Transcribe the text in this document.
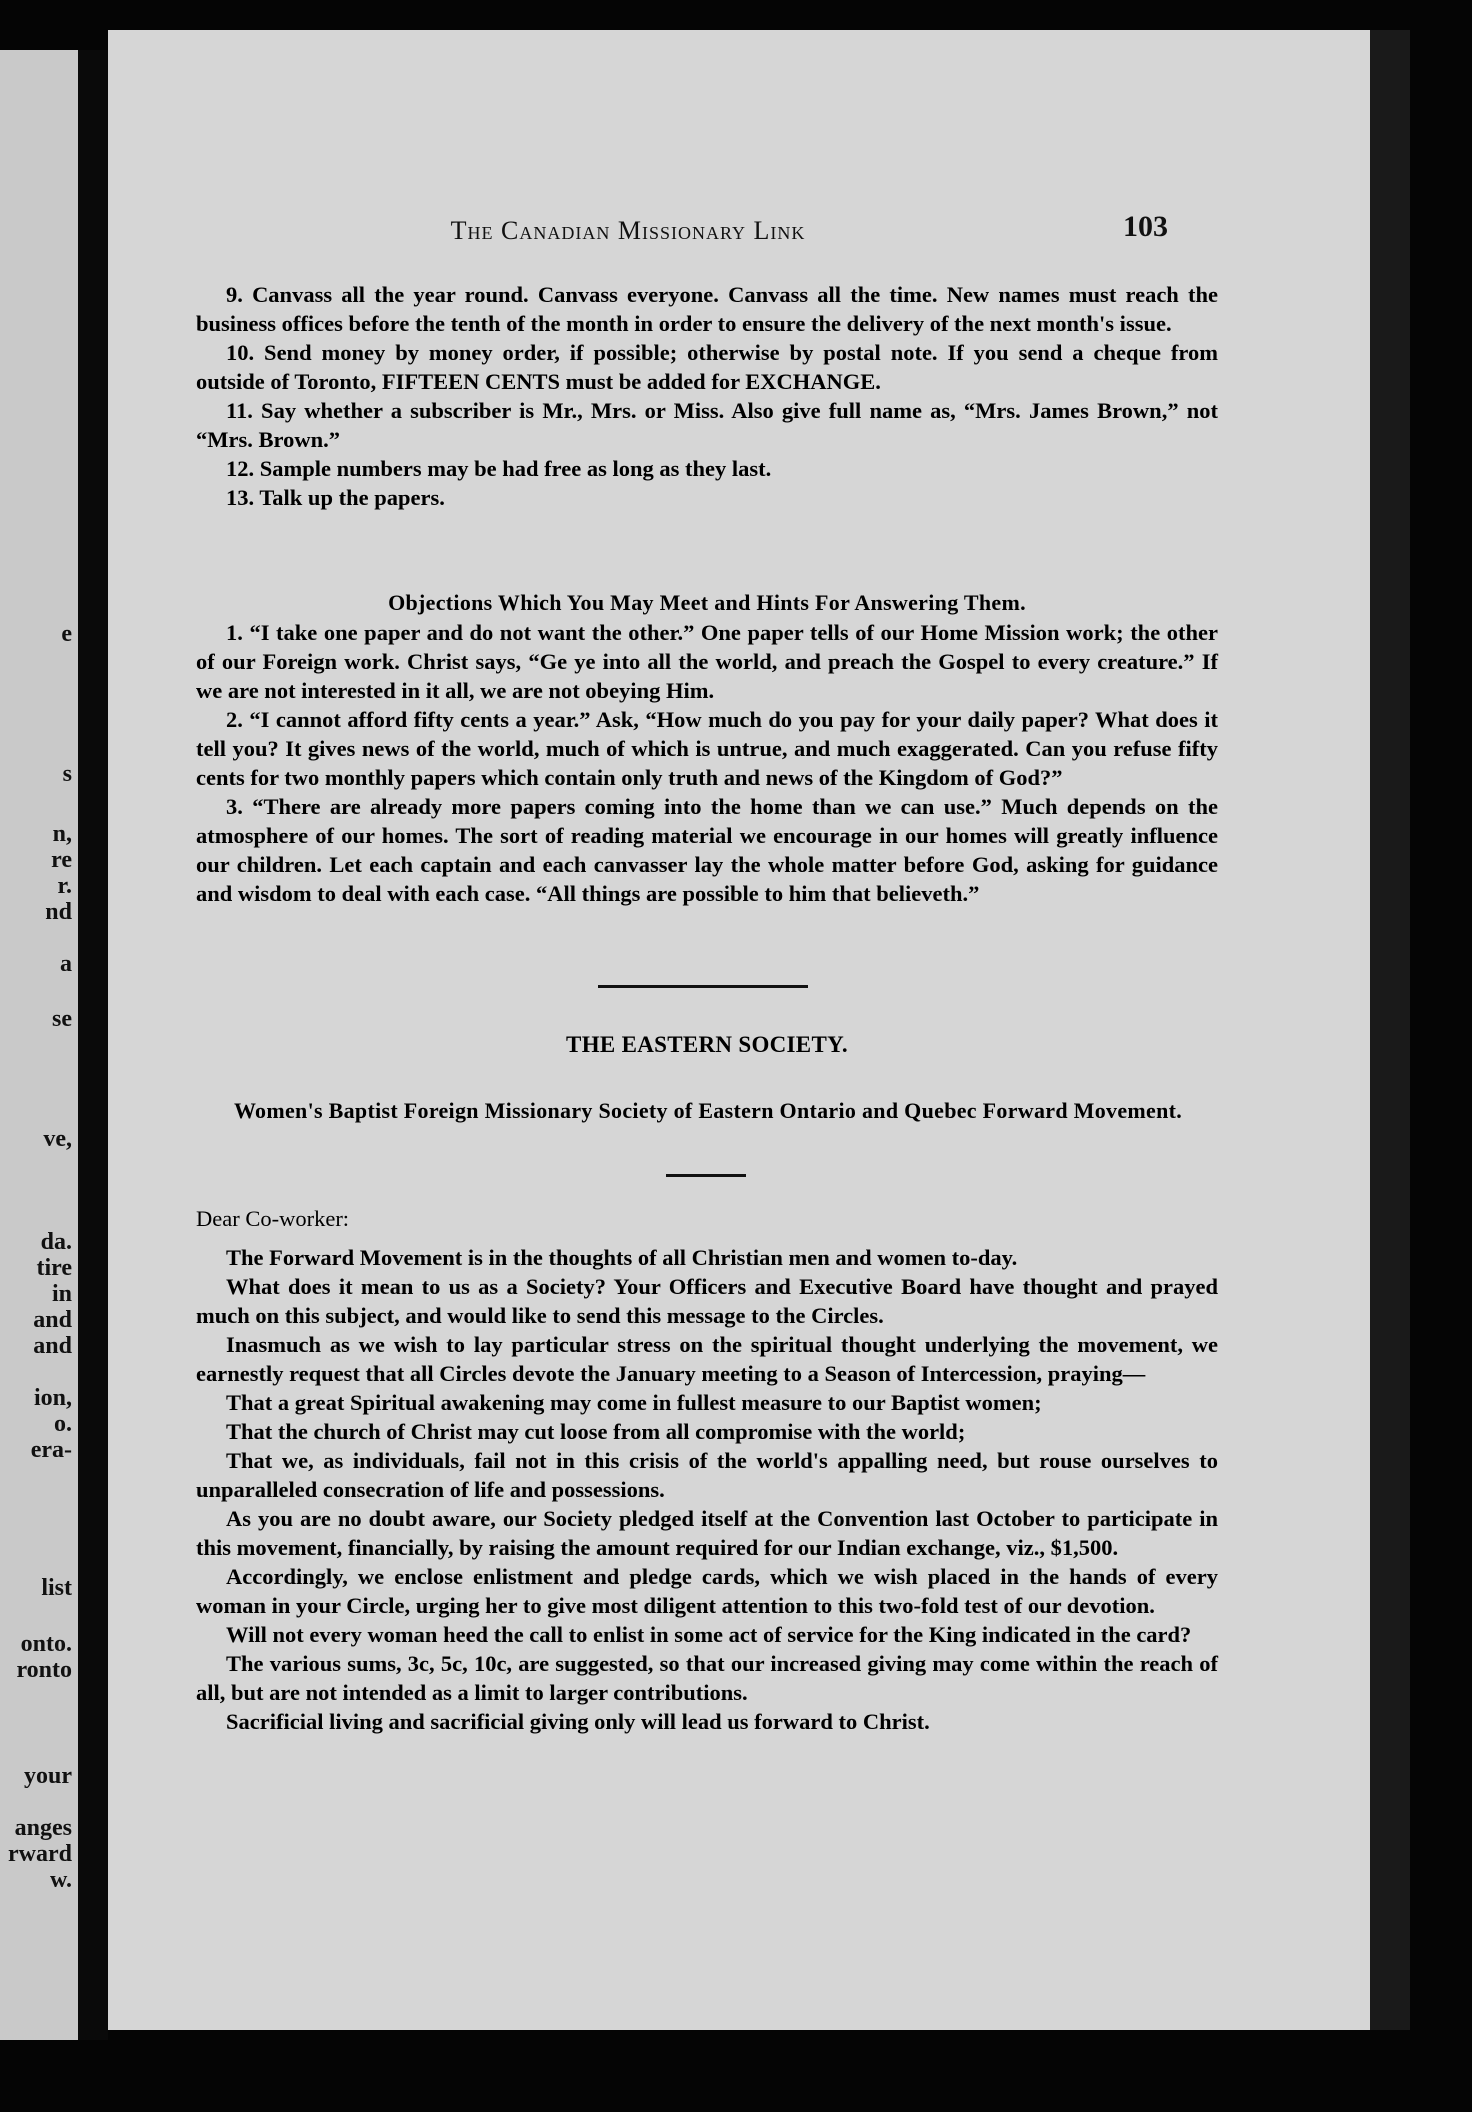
e
s
n,
re
r.
nd
a
se
ve,
da.
tire
in
and
and
ion,
o.
era-
list
onto.
ronto
your
anges
rward
w.
The Canadian Missionary Link	103

9. Canvass all the year round. Canvass everyone. Canvass all the time. New names must reach the business offices before the tenth of the month in order to ensure the delivery of the next month's issue.

10. Send money by money order, if possible; otherwise by postal note. If you send a cheque from outside of Toronto, FIFTEEN CENTS must be added for EXCHANGE.

11. Say whether a subscriber is Mr., Mrs. or Miss. Also give full name as, “Mrs. James Brown,” not “Mrs. Brown.”

12. Sample numbers may be had free as long as they last.

13. Talk up the papers.

Objections Which You May Meet and Hints For Answering Them.

1. “I take one paper and do not want the other.” One paper tells of our Home Mission work; the other of our Foreign work. Christ says, “Ge ye into all the world, and preach the Gospel to every creature.” If we are not interested in it all, we are not obeying Him.

2. “I cannot afford fifty cents a year.” Ask, “How much do you pay for your daily paper? What does it tell you? It gives news of the world, much of which is untrue, and much exaggerated. Can you refuse fifty cents for two monthly papers which contain only truth and news of the Kingdom of God?”

3. “There are already more papers coming into the home than we can use.” Much depends on the atmosphere of our homes. The sort of reading material we encourage in our homes will greatly influence our children. Let each captain and each canvasser lay the whole matter before God, asking for guidance and wisdom to deal with each case. “All things are possible to him that believeth.”

THE EASTERN SOCIETY.

Women's Baptist Foreign Missionary Society of Eastern Ontario and Quebec Forward Movement.

Dear Co-worker:

The Forward Movement is in the thoughts of all Christian men and women to-day.

What does it mean to us as a Society? Your Officers and Executive Board have thought and prayed much on this subject, and would like to send this message to the Circles.

Inasmuch as we wish to lay particular stress on the spiritual thought underlying the movement, we earnestly request that all Circles devote the January meeting to a Season of Intercession, praying—

That a great Spiritual awakening may come in fullest measure to our Baptist women;

That the church of Christ may cut loose from all compromise with the world;

That we, as individuals, fail not in this crisis of the world's appalling need, but rouse ourselves to unparalleled consecration of life and possessions.

As you are no doubt aware, our Society pledged itself at the Convention last October to participate in this movement, financially, by raising the amount required for our Indian exchange, viz., $1,500.

Accordingly, we enclose enlistment and pledge cards, which we wish placed in the hands of every woman in your Circle, urging her to give most diligent attention to this two-fold test of our devotion.

Will not every woman heed the call to enlist in some act of service for the King indicated in the card?

The various sums, 3c, 5c, 10c, are suggested, so that our increased giving may come within the reach of all, but are not intended as a limit to larger contributions.

Sacrificial living and sacrificial giving only will lead us forward to Christ.
